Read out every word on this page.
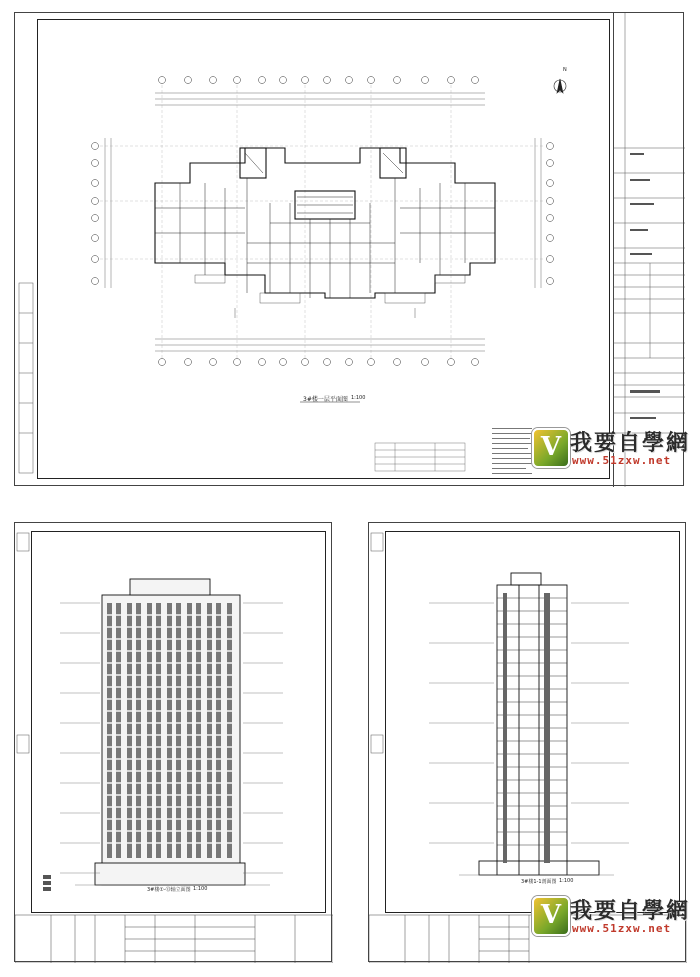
N
3#楼一层平面图 1:100
3#楼①-⑬轴立面图 1:100
3#楼1-1剖面图 1:100
V 我要自學網
www.51zxw.net
V 我要自學網
www.51zxw.net
